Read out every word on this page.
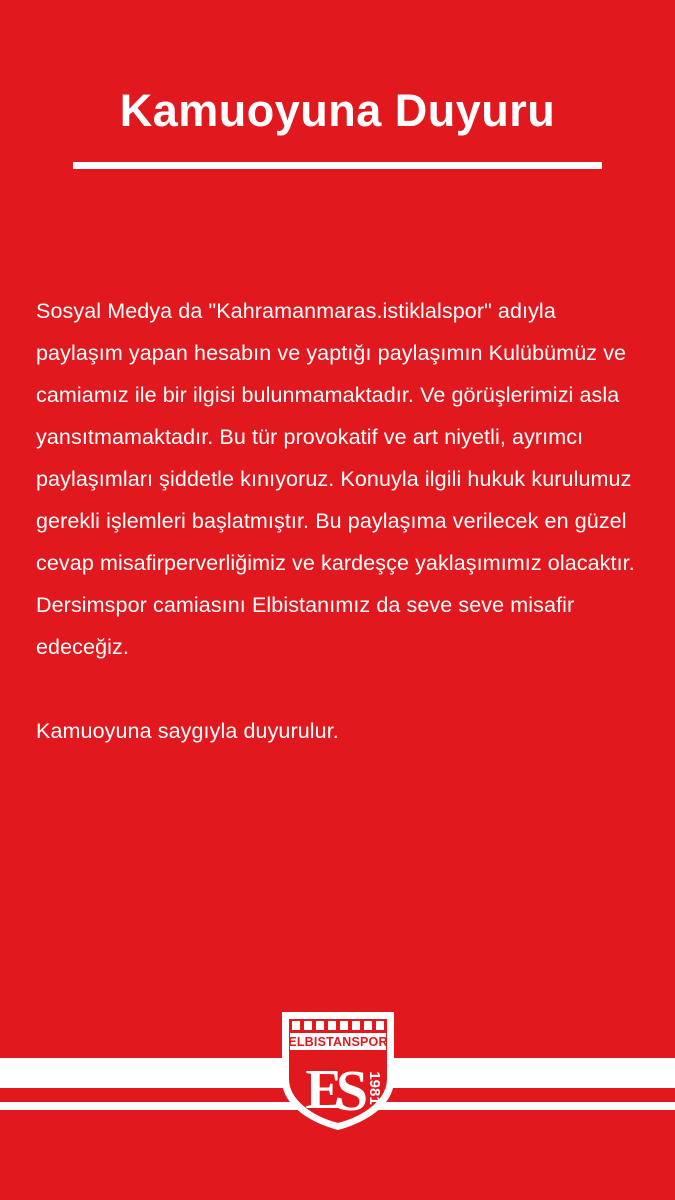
Kamuoyuna Duyuru

Sosyal Medya da "Kahramanmaras.istiklalspor" adıyla paylaşım yapan hesabın ve yaptığı paylaşımın Kulübümüz ve camiamız ile bir ilgisi bulunmamaktadır. Ve görüşlerimizi asla yansıtmamaktadır. Bu tür provokatif ve art niyetli, ayrımcı paylaşımları şiddetle kınıyoruz. Konuyla ilgili hukuk kurulumuz gerekli işlemleri başlatmıştır. Bu paylaşıma verilecek en güzel cevap misafirperverliğimiz ve kardeşçe yaklaşımımız olacaktır. Dersimspor camiasını Elbistanımız da seve seve misafir edeceğiz.

Kamuoyuna saygıyla duyurulur.

ELBISTANSPOR
E
S
1981
